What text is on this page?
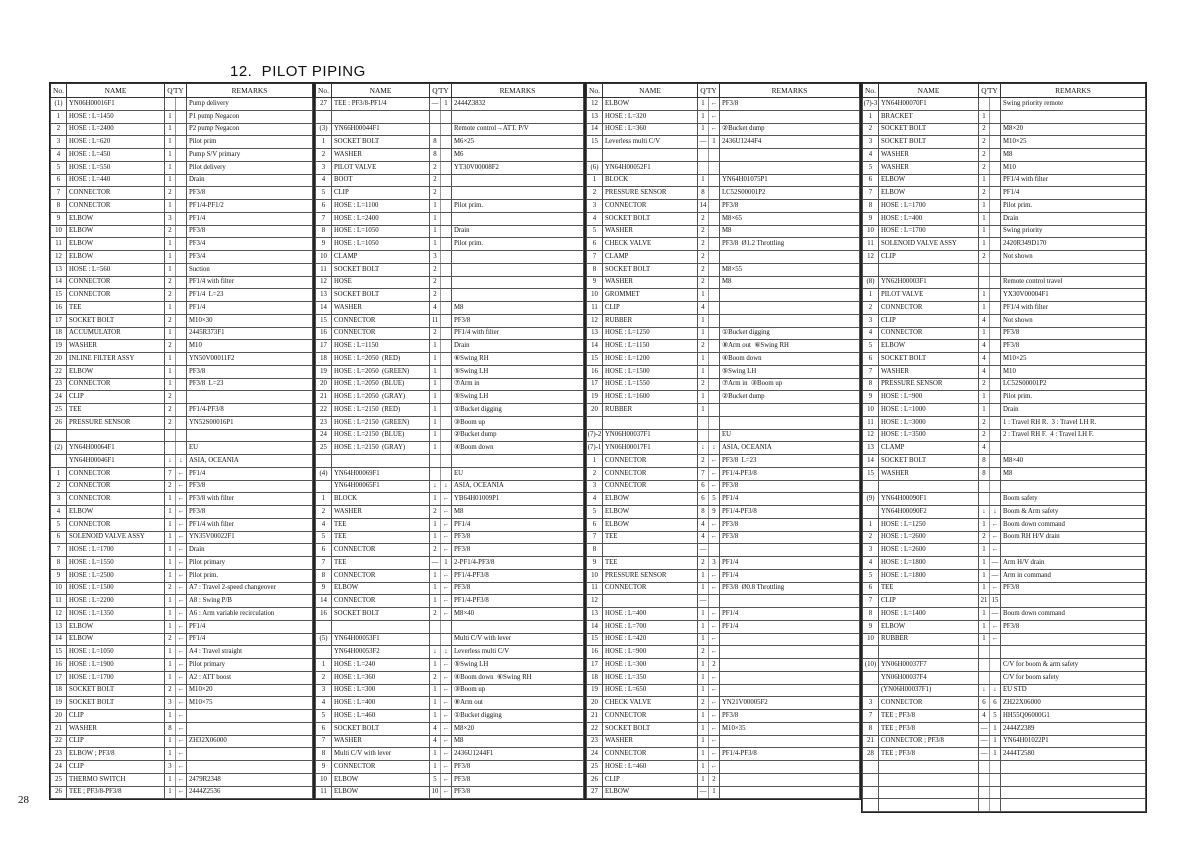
12.  PILOT PIPING
No.	NAME	Q'TY		REMARKS
(1)	YN06H00016F1			Pump delivery
1	HOSE : L=1450	1		P1 pump Negacon
2	HOSE : L=2400	1		P2 pump Negacon
3	HOSE : L=620	1		Pilot prim
4	HOSE : L=450	1		Pump S/V primary
5	HOSE : L=550	1		Pilot delivery
6	HOSE : L=440	1		Drain
7	CONNECTOR	2		PF3/8
8	CONNECTOR	1		PF1/4-PF1/2
9	ELBOW	3		PF1/4
10	ELBOW	2		PF3/8
11	ELBOW	1		PF3/4
12	ELBOW	1		PF3/4
13	HOSE : L=560	1		Suction
14	CONNECTOR	2		PF1/4 with filter
15	CONNECTOR	2		PF1/4  L=23
16	TEE	1		PF1/4
17	SOCKET BOLT	2		M10×30
18	ACCUMULATOR	1		2445R373F1
19	WASHER	2		M10
20	INLINE FILTER ASSY	1		YN50V00011F2
22	ELBOW	1		PF3/8
23	CONNECTOR	1		PF3/8  L=23
24	CLIP	2		
25	TEE	2		PF1/4-PF3/8
26	PRESSURE SENSOR	2		YN52S00016P1

(2)	YN64H00064F1			EU
	YN64H00046F1	↓	↓	ASIA, OCEANIA
1	CONNECTOR	7	←	PF1/4
2	CONNECTOR	2	←	PF3/8
3	CONNECTOR	1	←	PF3/8 with filter
4	ELBOW	1	←	PF3/8
5	CONNECTOR	1	←	PF1/4 with filter
6	SOLENOID VALVE ASSY	1	←	YN35V00022F1
7	HOSE : L=1700	1	←	Drain
8	HOSE : L=1550	1	←	Pilot primary
9	HOSE : L=2500	1	←	Pilot prim.
10	HOSE : L=1500	2	←	A7 : Travel 2-speed changeover
11	HOSE : L=2200	1	←	A8 : Swing P/B
12	HOSE : L=1350	1	←	A6 : Arm variable recirculation
13	ELBOW	1	←	PF1/4
14	ELBOW	2	←	PF1/4
15	HOSE : L=1050	1	←	A4 : Travel straight
16	HOSE : L=1900	1	←	Pilot primary
17	HOSE : L=1700	1	←	A2 : ATT boost
18	SOCKET BOLT	2	←	M10×20
19	SOCKET BOLT	3	←	M10×75
20	CLIP	1	←	
21	WASHER	8	←	
22	CLIP	1	←	ZH32X06000
23	ELBOW ; PF3/8	1	←	
24	CLIP	3	←	
25	THERMO SWITCH	1	←	2479R2348
26	TEE ; PF3/8-PF3/8	1	←	2444Z2536
No.	NAME	Q'TY		REMARKS
27	TEE : PF3/8-PF1/4	—	1	2444Z3832

(3)	YN66H00044F1			Remote control→ATT. P/V
1	SOCKET BOLT	8		M6×25
2	WASHER	8		M6
3	PILOT VALVE	2		YT30V00008F2
4	BOOT	2		
5	CLIP	2		
6	HOSE : L=1100	1		Pilot prim.
7	HOSE : L=2400	1		
8	HOSE : L=1050	1		Drain
9	HOSE : L=1050	1		Pilot prim.
10	CLAMP	3		
11	SOCKET BOLT	2		
12	HOSE	2		
13	SOCKET BOLT	2		
14	WASHER	4		M8
15	CONNECTOR	11		PF3/8
16	CONNECTOR	2		PF1/4 with filter
17	HOSE : L=1150	1		Drain
18	HOSE : L=2050  (RED)	1		⑥Swing RH
19	HOSE : L=2050  (GREEN)	1		⑤Swing LH
20	HOSE : L=2050  (BLUE)	1		⑦Arm in
21	HOSE : L=2050  (GRAY)	1		⑤Swing LH
22	HOSE : L=2150  (RED)	1		①Bucket digging
23	HOSE : L=2150  (GREEN)	1		③Boom up
24	HOSE : L=2150  (BLUE)	1		②Bucket dump
25	HOSE : L=2150  (GRAY)	1		④Boom down

(4)	YN64H00069F1			EU
	YN64H00065F1	↓	↓	ASIA, OCEANIA
1	BLOCK	1	←	YB64H01009P1
2	WASHER	2	←	M8
4	TEE	1	←	PF1/4
5	TEE	1	←	PF3/8
6	CONNECTOR	2	←	PF3/8
7	TEE	—	1	2-PF1/4-PF3/8
8	CONNECTOR	1	←	PF1/4-PF3/8
9	ELBOW	1	←	PF3/8
14	CONNECTOR	1	←	PF1/4-PF3/8
16	SOCKET BOLT	2	←	M8×40

(5)	YN64H00053F1			Multi C/V with lever
	YN64H00053F2	↓	↓	Leverless multi C/V
1	HOSE : L=240	1	←	⑤Swing LH
2	HOSE : L=360	2	←	④Boom down  ⑥Swing RH
3	HOSE : L=300	1	←	③Boom up
4	HOSE : L=400	1	←	⑧Arm out
5	HOSE : L=460	1	←	①Bucket digging
6	SOCKET BOLT	4	←	M8×20
7	WASHER	4	←	M8
8	Multi C/V with lever	1	←	2436U1244F1
9	CONNECTOR	1	←	PF3/8
10	ELBOW	5	←	PF3/8
11	ELBOW	10	←	PF3/8
No.	NAME	Q'TY		REMARKS
12	ELBOW	1	←	PF3/8
13	HOSE : L=320	1	←	
14	HOSE : L=360	1	←	②Bucket dump
15	Leverless multi C/V	—	1	2436U1244F4

(6)	YN64H00052F1			
1	BLOCK	1		YN64H01075P1
2	PRESSURE SENSOR	8		LC52S00001P2
3	CONNECTOR	14		PF3/8
4	SOCKET BOLT	2		M8×65
5	WASHER	2		M8
6	CHECK VALVE	2		PF3/8  Ø1.2 Throttling
7	CLAMP	2		
8	SOCKET BOLT	2		M8×55
9	WASHER	2		M8
10	GROMMET	1		
11	CLIP	4		
12	RUBBER	1		
13	HOSE : L=1250	1		①Bucket digging
14	HOSE : L=1150	2		⑧Arm out  ⑥Swing RH
15	HOSE : L=1200	1		④Boom down
16	HOSE : L=1500	1		⑤Swing LH
17	HOSE : L=1550	2		⑦Arm in  ③Boom up
19	HOSE : L=1600	1		②Bucket dump
20	RUBBER	1		

(7)-2	YN06H00037F1			EU
(7)-1	YN06H00017F1	↓	↓	ASIA, OCEANIA
1	CONNECTOR	2	←	PF3/8  L=23
2	CONNECTOR	7	←	PF1/4-PF3/8
3	CONNECTOR	6	←	PF3/8
4	ELBOW	6	5	PF1/4
5	ELBOW	8	9	PF1/4-PF3/8
6	ELBOW	4	←	PF3/8
7	TEE	4	←	PF3/8
8		—		
9	TEE	2	3	PF1/4
10	PRESSURE SENSOR	1	←	PF1/4
11	CONNECTOR	1	←	PF3/8  Ø0.8 Throttling
12		—		
13	HOSE : L=400	1	←	PF1/4
14	HOSE : L=700	1	←	PF1/4
15	HOSE : L=420	1	←	
16	HOSE : L=900	2	←	
17	HOSE : L=300	1	2	
18	HOSE : L=350	1	←	
19	HOSE : L=650	1	←	
20	CHECK VALVE	2	←	YN21V00005F2
21	CONNECTOR	1	←	PF3/8
22	SOCKET BOLT	1	←	M10×35
23	WASHER	1	←	
24	CONNECTOR	1	←	PF1/4-PF3/8
25	HOSE : L=460	1	←	
26	CLIP	1	2	
27	ELBOW	—	1	
No.	NAME	Q'TY		REMARKS
(7)-3	YN64H00070F1			Swing priority remote
1	BRACKET	1		
2	SOCKET BOLT	2		M8×20
3	SOCKET BOLT	2		M10×25
4	WASHER	2		M8
5	WASHER	2		M10
6	ELBOW	1		PF1/4 with filter
7	ELBOW	2		PF1/4
8	HOSE : L=1700	1		Pilot prim.
9	HOSE : L=400	1		Drain
10	HOSE : L=1700	1		Swing priority
11	SOLENOID VALVE ASSY	1		2420R349D170
12	CLIP	2		Not shown

(8)	YN62H00003F1			Remote control travel
1	PILOT VALVE	1		YX30V00004F1
2	CONNECTOR	1		PF1/4 with filter
3	CLIP	4		Not shown
4	CONNECTOR	1		PF3/8
5	ELBOW	4		PF3/8
6	SOCKET BOLT	4		M10×25
7	WASHER	4		M10
8	PRESSURE SENSOR	2		LC52S00001P2
9	HOSE : L=900	1		Pilot prim.
10	HOSE : L=1000	1		Drain
11	HOSE : L=3000	2		1 : Travel RH R.  3 : Travel LH R.
12	HOSE : L=3500	2		2 : Travel RH F.  4 : Travel LH F.
13	CLAMP	4		
14	SOCKET BOLT	8		M8×40
15	WASHER	8		M8

(9)	YN64H00090F1			Boom safety
	YN64H00090F2	↓	↓	Boom & Arm safety
1	HOSE : L=1250	1	←	Boom down command
2	HOSE : L=2600	2	←	Boom RH H/V drain
3	HOSE : L=2600	1	←	
4	HOSE : L=1800	1	—	Arm H/V drain
5	HOSE : L=1800	1	—	Arm in command
6	TEE	1	←	PF3/8
7	CLIP	21	15	
8	HOSE : L=1400	1	—	Boom down command
9	ELBOW	1	←	PF3/8
10	RUBBER	1	←	

(10)	YN06H00037F7			C/V for boom & arm safety
	YN06H00037F4			C/V for boom safety
	(YN06H00037F1)	↓	↓	EU STD
3	CONNECTOR	6	6	ZH22X06000
7	TEE ; PF3/8	4	5	HH55Q06000G1
8	TEE ; PF3/8	—	1	2444Z2389
21	CONNECTOR ; PF3/8	—	1	YN64H01022P1
28	TEE ; PF3/8	—	1	2444T2580

28
